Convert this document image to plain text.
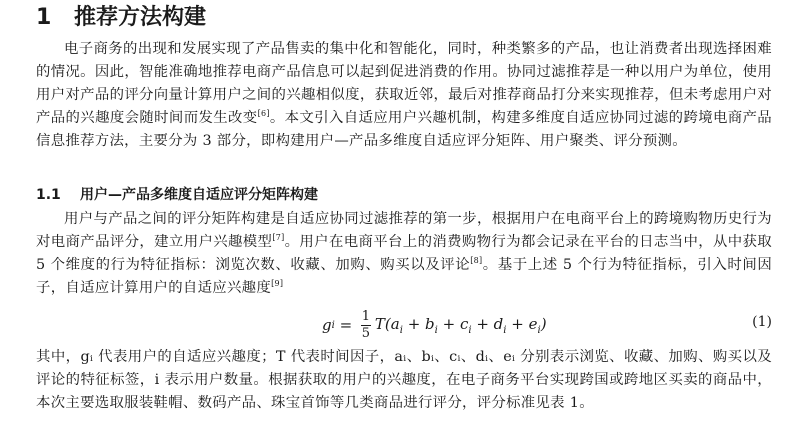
1 推荐方法构建
电子商务的出现和发展实现了产品售卖的集中化和智能化，同时，种类繁多的产品，也让消费者出现选择困难的情况。因此，智能准确地推荐电商产品信息可以起到促进消费的作用。协同过滤推荐是一种以用户为单位，使用用户对产品的评分向量计算用户之间的兴趣相似度，获取近邻，最后对推荐商品打分来实现推荐，但未考虑用户对产品的兴趣度会随时间而发生改变[6]。本文引入自适应用户兴趣机制，构建多维度自适应协同过滤的跨境电商产品信息推荐方法，主要分为 3 部分，即构建用户—产品多维度自适应评分矩阵、用户聚类、评分预测。
1.1 用户—产品多维度自适应评分矩阵构建
用户与产品之间的评分矩阵构建是自适应协同过滤推荐的第一步，根据用户在电商平台上的跨境购物历史行为对电商产品评分，建立用户兴趣模型[7]。用户在电商平台上的消费购物行为都会记录在平台的日志当中，从中获取 5 个维度的行为特征指标：浏览次数、收藏、加购、购买以及评论[8]。基于上述 5 个行为特征指标，引入时间因子，自适应计算用户的自适应兴趣度[9]
g $i = \frac{1}{5} T(a_i + b_i + c_i + d_i + e_i)$	(1)
其中，gᵢ 代表用户的自适应兴趣度；T 代表时间因子，aᵢ、bᵢ、cᵢ、dᵢ、eᵢ 分别表示浏览、收藏、加购、购买以及评论的特征标签，i 表示用户数量。根据获取的用户的兴趣度，在电子商务平台实现跨国或跨地区买卖的商品中，本次主要选取服装鞋帽、数码产品、珠宝首饰等几类商品进行评分，评分标准见表 1。
